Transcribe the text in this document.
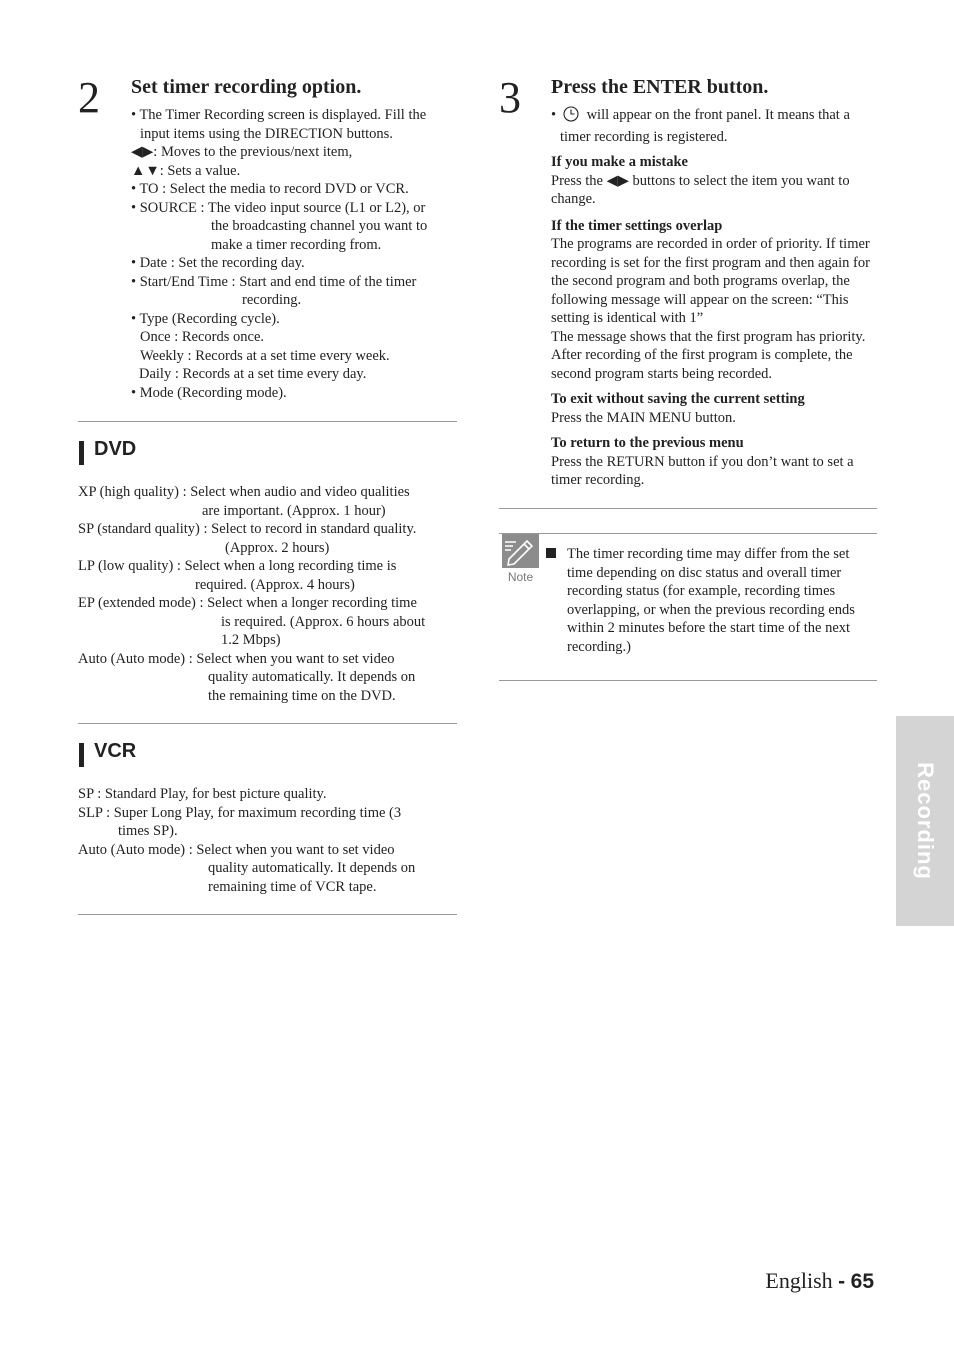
2 Set timer recording option.
• The Timer Recording screen is displayed. Fill the
input items using the DIRECTION buttons.
◀▶: Moves to the previous/next item,
▲▼: Sets a value.
• TO : Select the media to record DVD or VCR.
• SOURCE : The video input source (L1 or L2), or
the broadcasting channel you want to
make a timer recording from.
• Date : Set the recording day.
• Start/End Time : Start and end time of the timer
recording.
• Type (Recording cycle).
Once : Records once.
Weekly : Records at a set time every week.
Daily : Records at a set time every day.
• Mode (Recording mode).
DVD
XP (high quality) : Select when audio and video qualities
are important. (Approx. 1 hour)
SP (standard quality) : Select to record in standard quality.
(Approx. 2 hours)
LP (low quality) : Select when a long recording time is
required. (Approx. 4 hours)
EP (extended mode) : Select when a longer recording time
is required. (Approx. 6 hours about
1.2 Mbps)
Auto (Auto mode) : Select when you want to set video
quality automatically. It depends on
the remaining time on the DVD.
VCR
SP : Standard Play, for best picture quality.
SLP : Super Long Play, for maximum recording time (3
times SP).
Auto (Auto mode) : Select when you want to set video
quality automatically. It depends on
remaining time of VCR tape.
3 Press the ENTER button.
•    will appear on the front panel. It means that a
timer recording is registered.
If you make a mistake
Press the ◀▶ buttons to select the item you want to
change.
If the timer settings overlap
The programs are recorded in order of priority. If timer
recording is set for the first program and then again for
the second program and both programs overlap, the
following message will appear on the screen: “This
setting is identical with 1”
The message shows that the first program has priority.
After recording of the first program is complete, the
second program starts being recorded.
To exit without saving the current setting
Press the MAIN MENU button.
To return to the previous menu
Press the RETURN button if you don’t want to set a
timer recording.
Note
The timer recording time may differ from the set
time depending on disc status and overall timer
recording status (for example, recording times
overlapping, or when the previous recording ends
within 2 minutes before the start time of the next
recording.)
Recording
English - 65
